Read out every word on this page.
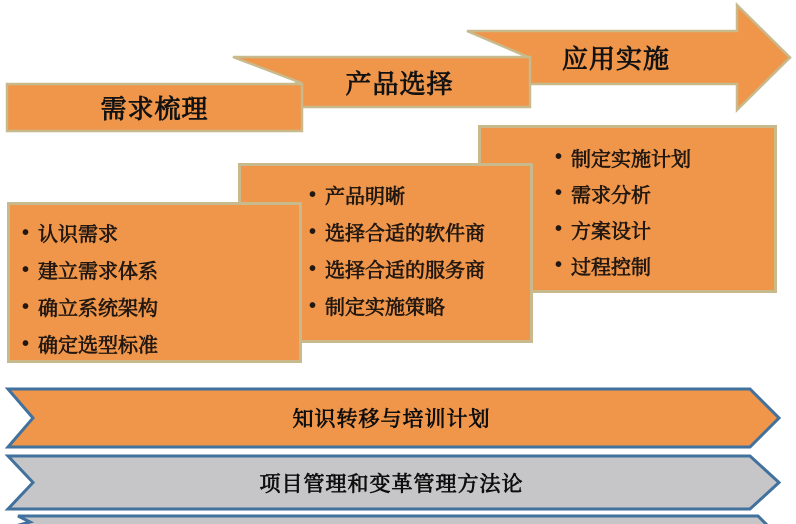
需求梳理
产品选择
应用实施
• 制定实施计划
• 需求分析
• 方案设计
• 过程控制
• 产品明晰
• 选择合适的软件商
• 选择合适的服务商
• 制定实施策略
• 认识需求
• 建立需求体系
• 确立系统架构
• 确定选型标准
知识转移与培训计划
项目管理和变革管理方法论
